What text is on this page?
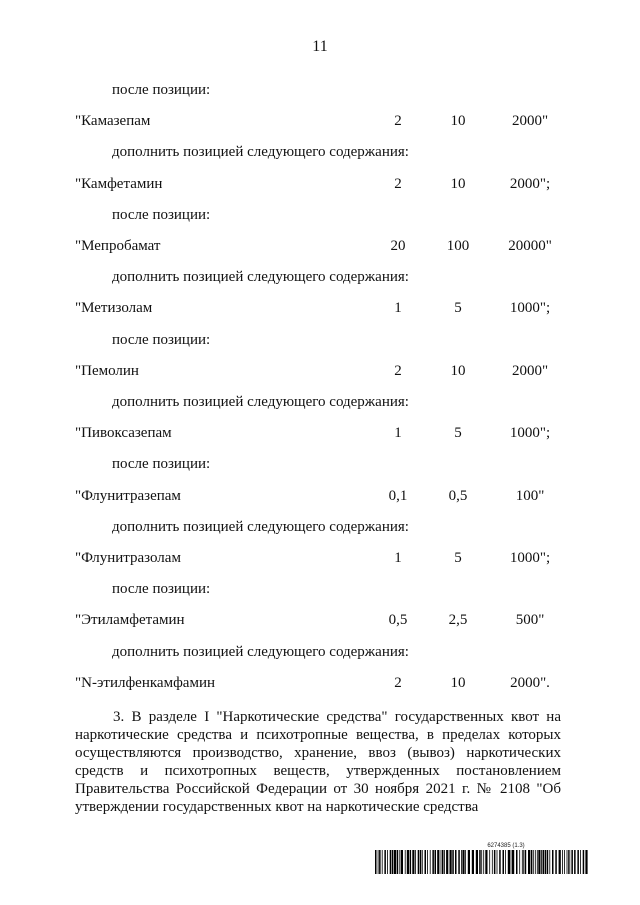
11
после позиции:
"Камазепам	2	10	2000"
дополнить позицией следующего содержания:
"Камфетамин	2	10	2000";
после позиции:
"Мепробамат	20	100	20000"
дополнить позицией следующего содержания:
"Метизолам	1	5	1000";
после позиции:
"Пемолин	2	10	2000"
дополнить позицией следующего содержания:
"Пивоксазепам	1	5	1000";
после позиции:
"Флунитразепам	0,1	0,5	100"
дополнить позицией следующего содержания:
"Флунитразолам	1	5	1000";
после позиции:
"Этиламфетамин	0,5	2,5	500"
дополнить позицией следующего содержания:
"N-этилфенкамфамин	2	10	2000".
3. В разделе I "Наркотические средства" государственных квот на наркотические средства и психотропные вещества, в пределах которых осуществляются производство, хранение, ввоз (вывоз) наркотических средств и психотропных веществ, утвержденных постановлением Правительства Российской Федерации от 30 ноября 2021 г. № 2108 "Об утверждении государственных квот на наркотические средства
6274385 (1.3)
